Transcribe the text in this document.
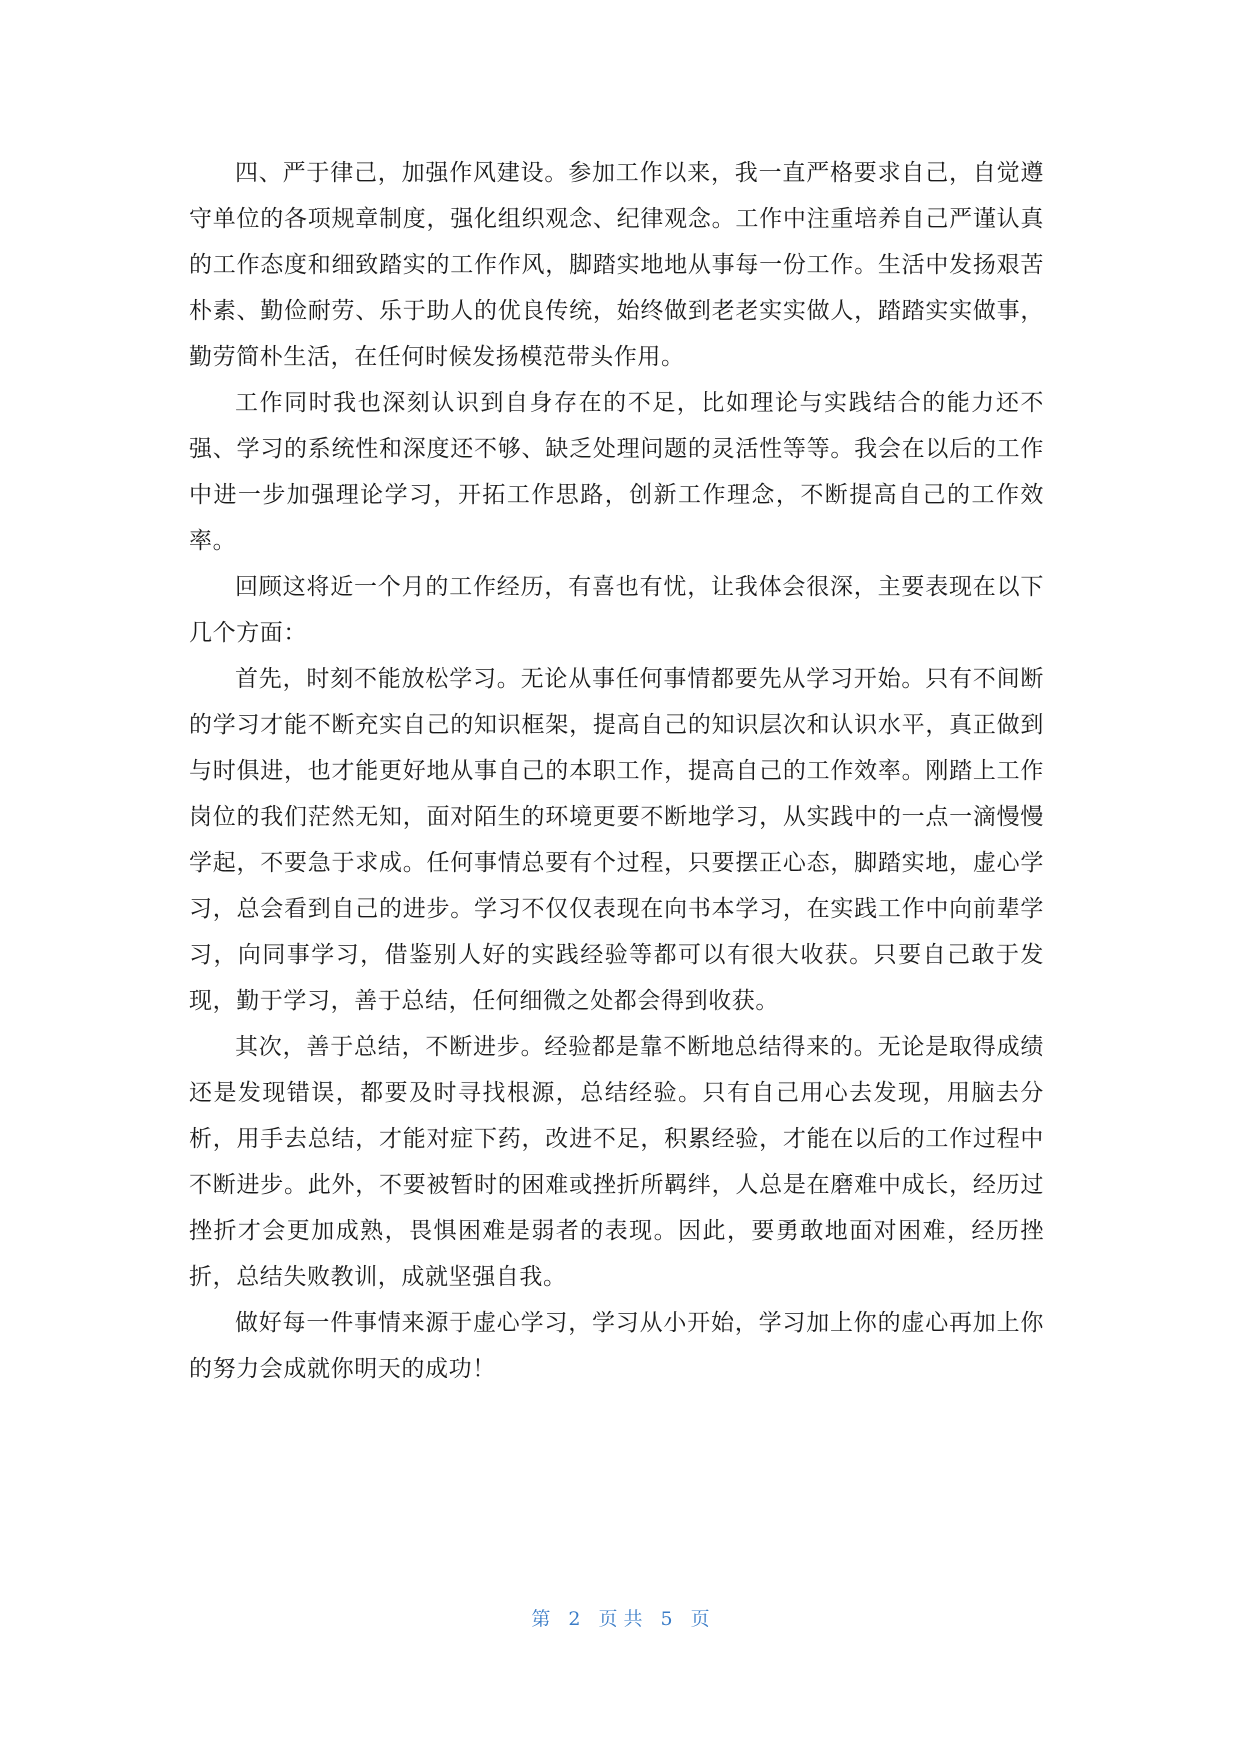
四、严于律己，加强作风建设。参加工作以来，我一直严格要求自己，自觉遵守单位的各项规章制度，强化组织观念、纪律观念。工作中注重培养自己严谨认真的工作态度和细致踏实的工作作风，脚踏实地地从事每一份工作。生活中发扬艰苦朴素、勤俭耐劳、乐于助人的优良传统，始终做到老老实实做人，踏踏实实做事，勤劳简朴生活，在任何时候发扬模范带头作用。

工作同时我也深刻认识到自身存在的不足，比如理论与实践结合的能力还不强、学习的系统性和深度还不够、缺乏处理问题的灵活性等等。我会在以后的工作中进一步加强理论学习，开拓工作思路，创新工作理念，不断提高自己的工作效率。

回顾这将近一个月的工作经历，有喜也有忧，让我体会很深，主要表现在以下几个方面：

首先，时刻不能放松学习。无论从事任何事情都要先从学习开始。只有不间断的学习才能不断充实自己的知识框架，提高自己的知识层次和认识水平，真正做到与时俱进，也才能更好地从事自己的本职工作，提高自己的工作效率。刚踏上工作岗位的我们茫然无知，面对陌生的环境更要不断地学习，从实践中的一点一滴慢慢学起，不要急于求成。任何事情总要有个过程，只要摆正心态，脚踏实地，虚心学习，总会看到自己的进步。学习不仅仅表现在向书本学习，在实践工作中向前辈学习，向同事学习，借鉴别人好的实践经验等都可以有很大收获。只要自己敢于发现，勤于学习，善于总结，任何细微之处都会得到收获。

其次，善于总结，不断进步。经验都是靠不断地总结得来的。无论是取得成绩还是发现错误，都要及时寻找根源，总结经验。只有自己用心去发现，用脑去分析，用手去总结，才能对症下药，改进不足，积累经验，才能在以后的工作过程中不断进步。此外，不要被暂时的困难或挫折所羁绊，人总是在磨难中成长，经历过挫折才会更加成熟，畏惧困难是弱者的表现。因此，要勇敢地面对困难，经历挫折，总结失败教训，成就坚强自我。

做好每一件事情来源于虚心学习，学习从小开始，学习加上你的虚心再加上你的努力会成就你明天的成功！

第 2 页 共 5 页
